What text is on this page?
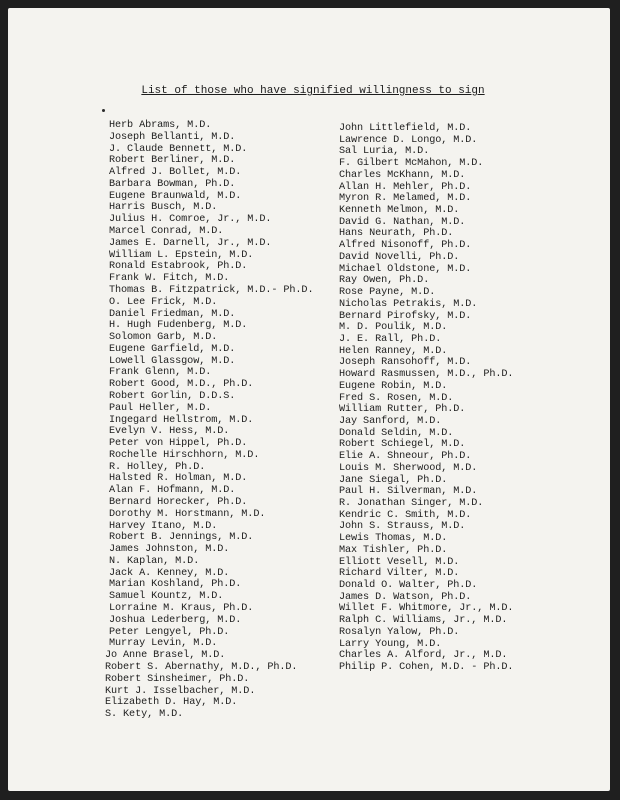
List of those who have signified willingness to sign
Herb Abrams, M.D.
Joseph Bellanti, M.D.
J. Claude Bennett, M.D.
Robert Berliner, M.D.
Alfred J. Bollet, M.D.
Barbara Bowman, Ph.D.
Eugene Braunwald, M.D.
Harris Busch, M.D.
Julius H. Comroe, Jr., M.D.
Marcel Conrad, M.D.
James E. Darnell, Jr., M.D.
William L. Epstein, M.D.
Ronald Estabrook, Ph.D.
Frank W. Fitch, M.D.
Thomas B. Fitzpatrick, M.D.- Ph.D.
O. Lee Frick, M.D.
Daniel Friedman, M.D.
H. Hugh Fudenberg, M.D.
Solomon Garb, M.D.
Eugene Garfield, M.D.
Lowell Glassgow, M.D.
Frank Glenn, M.D.
Robert Good, M.D., Ph.D.
Robert Gorlin, D.D.S.
Paul Heller, M.D.
Ingegard Hellstrom, M.D.
Evelyn V. Hess, M.D.
Peter von Hippel, Ph.D.
Rochelle Hirschhorn, M.D.
R. Holley, Ph.D.
Halsted R. Holman, M.D.
Alan F. Hofmann, M.D.
Bernard Horecker, Ph.D.
Dorothy M. Horstmann, M.D.
Harvey Itano, M.D.
Robert B. Jennings, M.D.
James Johnston, M.D.
N. Kaplan, M.D.
Jack A. Kenney, M.D.
Marian Koshland, Ph.D.
Samuel Kountz, M.D.
Lorraine M. Kraus, Ph.D.
Joshua Lederberg, M.D.
Peter Lengyel, Ph.D.
Murray Levin, M.D.
Jo Anne Brasel, M.D.
Robert S. Abernathy, M.D., Ph.D.
Robert Sinsheimer, Ph.D.
Kurt J. Isselbacher, M.D.
Elizabeth D. Hay, M.D.
S. Kety, M.D.
John Littlefield, M.D.
Lawrence D. Longo, M.D.
Sal Luria, M.D.
F. Gilbert McMahon, M.D.
Charles McKhann, M.D.
Allan H. Mehler, Ph.D.
Myron R. Melamed, M.D.
Kenneth Melmon, M.D.
David G. Nathan, M.D.
Hans Neurath, Ph.D.
Alfred Nisonoff, Ph.D.
David Novelli, Ph.D.
Michael Oldstone, M.D.
Ray Owen, Ph.D.
Rose Payne, M.D.
Nicholas Petrakis, M.D.
Bernard Pirofsky, M.D.
M. D. Poulik, M.D.
J. E. Rall, Ph.D.
Helen Ranney, M.D.
Joseph Ransohoff, M.D.
Howard Rasmussen, M.D., Ph.D.
Eugene Robin, M.D.
Fred S. Rosen, M.D.
William Rutter, Ph.D.
Jay Sanford, M.D.
Donald Seldin, M.D.
Robert Schiegel, M.D.
Elie A. Shneour, Ph.D.
Louis M. Sherwood, M.D.
Jane Siegal, Ph.D.
Paul H. Silverman, M.D.
R. Jonathan Singer, M.D.
Kendric C. Smith, M.D.
John S. Strauss, M.D.
Lewis Thomas, M.D.
Max Tishler, Ph.D.
Elliott Vesell, M.D.
Richard Vilter, M.D.
Donald O. Walter, Ph.D.
James D. Watson, Ph.D.
Willet F. Whitmore, Jr., M.D.
Ralph C. Williams, Jr., M.D.
Rosalyn Yalow, Ph.D.
Larry Young, M.D.
Charles A. Alford, Jr., M.D.
Philip P. Cohen, M.D. - Ph.D.
